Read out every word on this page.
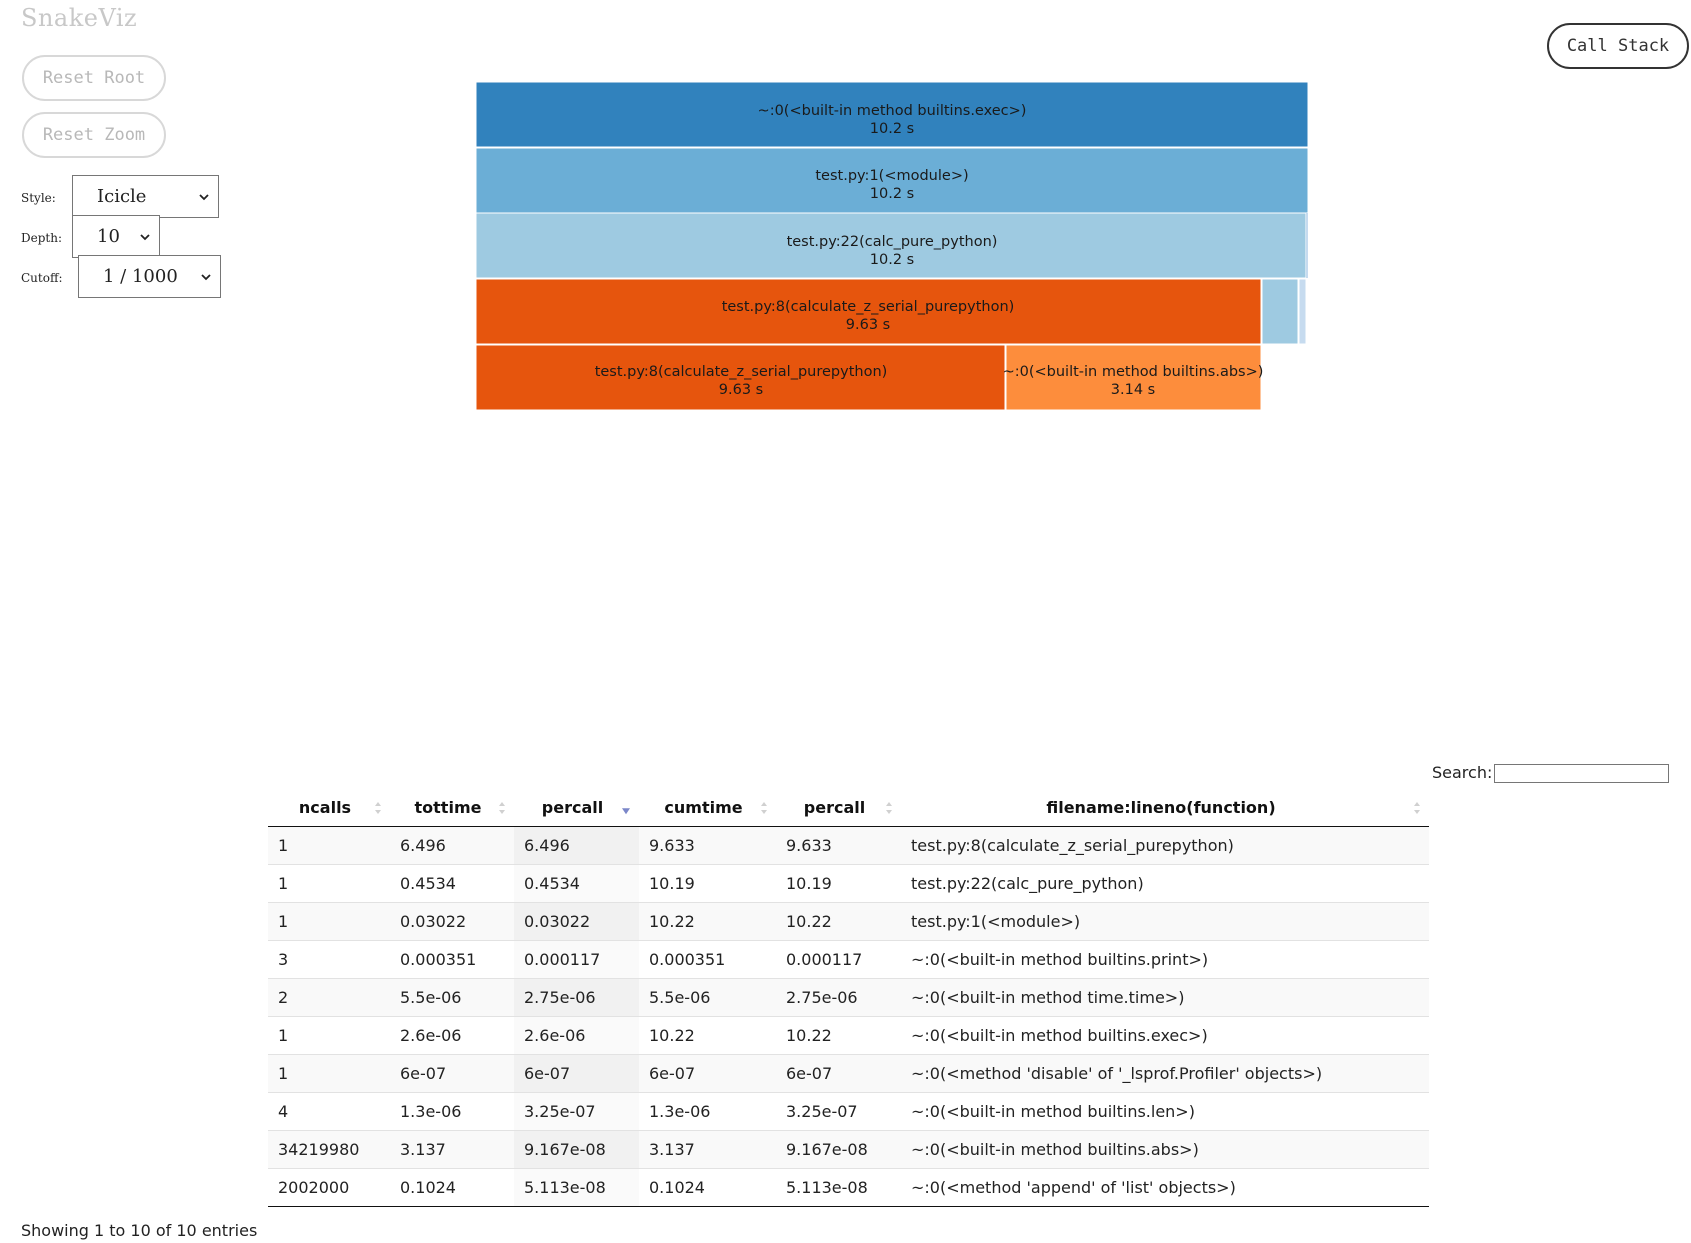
SnakeViz
Reset Root
Reset Zoom
Call Stack
Style: Icicle
Depth: 10
Cutoff: 1 / 1000
~:0(<built-in method builtins.exec>)
10.2 s
test.py:1(<module>)
10.2 s
test.py:22(calc_pure_python)
10.2 s
test.py:8(calculate_z_serial_purepython)
9.63 s
test.py:8(calculate_z_serial_purepython)
9.63 s
~:0(<built-in method builtins.abs>)
3.14 s
Search:
ncalls	tottime	percall	cumtime	percall	filename:lineno(function)

1	6.496	6.496	9.633	9.633	test.py:8(calculate_z_serial_purepython)
1	0.4534	0.4534	10.19	10.19	test.py:22(calc_pure_python)
1	0.03022	0.03022	10.22	10.22	test.py:1(<module>)
3	0.000351	0.000117	0.000351	0.000117	~:0(<built-in method builtins.print>)
2	5.5e-06	2.75e-06	5.5e-06	2.75e-06	~:0(<built-in method time.time>)
1	2.6e-06	2.6e-06	10.22	10.22	~:0(<built-in method builtins.exec>)
1	6e-07	6e-07	6e-07	6e-07	~:0(<method 'disable' of '_lsprof.Profiler' objects>)
4	1.3e-06	3.25e-07	1.3e-06	3.25e-07	~:0(<built-in method builtins.len>)
34219980	3.137	9.167e-08	3.137	9.167e-08	~:0(<built-in method builtins.abs>)
2002000	0.1024	5.113e-08	0.1024	5.113e-08	~:0(<method 'append' of 'list' objects>)
Showing 1 to 10 of 10 entries
